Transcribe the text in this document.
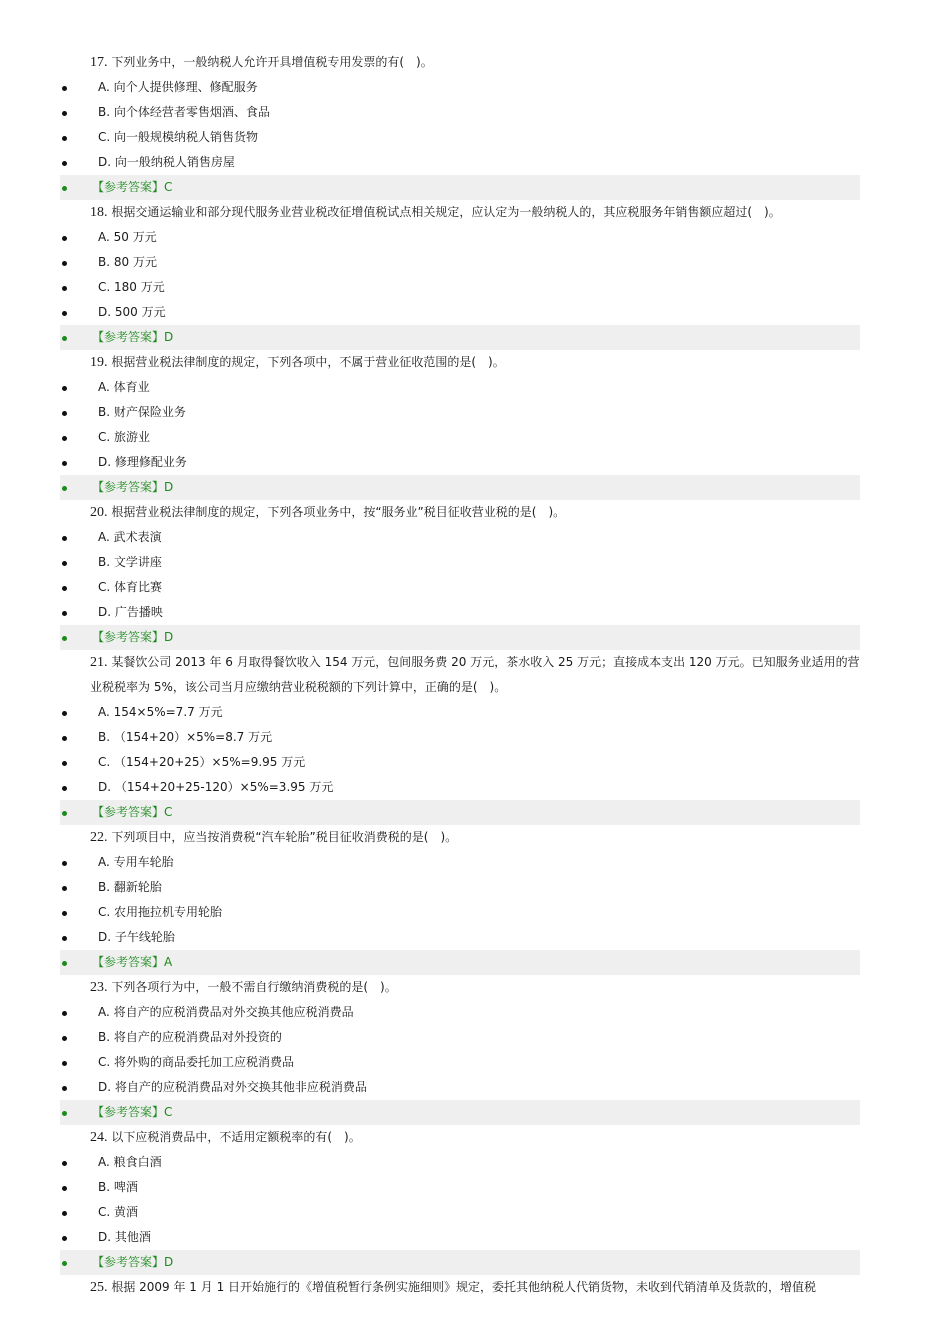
17. 下列业务中，一般纳税人允许开具增值税专用发票的有(　)。

A. 向个人提供修理、修配服务
B. 向个体经营者零售烟酒、食品
C. 向一般规模纳税人销售货物
D. 向一般纳税人销售房屋
【参考答案】C

18. 根据交通运输业和部分现代服务业营业税改征增值税试点相关规定，应认定为一般纳税人的，其应税服务年销售额应超过(　)。

A. 50 万元
B. 80 万元
C. 180 万元
D. 500 万元
【参考答案】D

19. 根据营业税法律制度的规定，下列各项中，不属于营业征收范围的是(　)。

A. 体育业
B. 财产保险业务
C. 旅游业
D. 修理修配业务
【参考答案】D

20. 根据营业税法律制度的规定，下列各项业务中，按“服务业”税目征收营业税的是(　)。

A. 武术表演
B. 文学讲座
C. 体育比赛
D. 广告播映
【参考答案】D

21. 某餐饮公司 2013 年 6 月取得餐饮收入 154 万元，包间服务费 20 万元，茶水收入 25 万元；直接成本支出 120 万元。已知服务业适用的营业税税率为 5%，该公司当月应缴纳营业税税额的下列计算中，正确的是(　)。

A. 154×5%=7.7 万元
B. （154+20）×5%=8.7 万元
C. （154+20+25）×5%=9.95 万元
D. （154+20+25-120）×5%=3.95 万元
【参考答案】C

22. 下列项目中，应当按消费税“汽车轮胎”税目征收消费税的是(　)。

A. 专用车轮胎
B. 翻新轮胎
C. 农用拖拉机专用轮胎
D. 子午线轮胎
【参考答案】A

23. 下列各项行为中，一般不需自行缴纳消费税的是(　)。

A. 将自产的应税消费品对外交换其他应税消费品
B. 将自产的应税消费品对外投资的
C. 将外购的商品委托加工应税消费品
D. 将自产的应税消费品对外交换其他非应税消费品
【参考答案】C

24. 以下应税消费品中，不适用定额税率的有(　)。

A. 粮食白酒
B. 啤酒
C. 黄酒
D. 其他酒
【参考答案】D

25. 根据 2009 年 1 月 1 日开始施行的《增值税暂行条例实施细则》规定，委托其他纳税人代销货物，未收到代销清单及货款的，增值税
